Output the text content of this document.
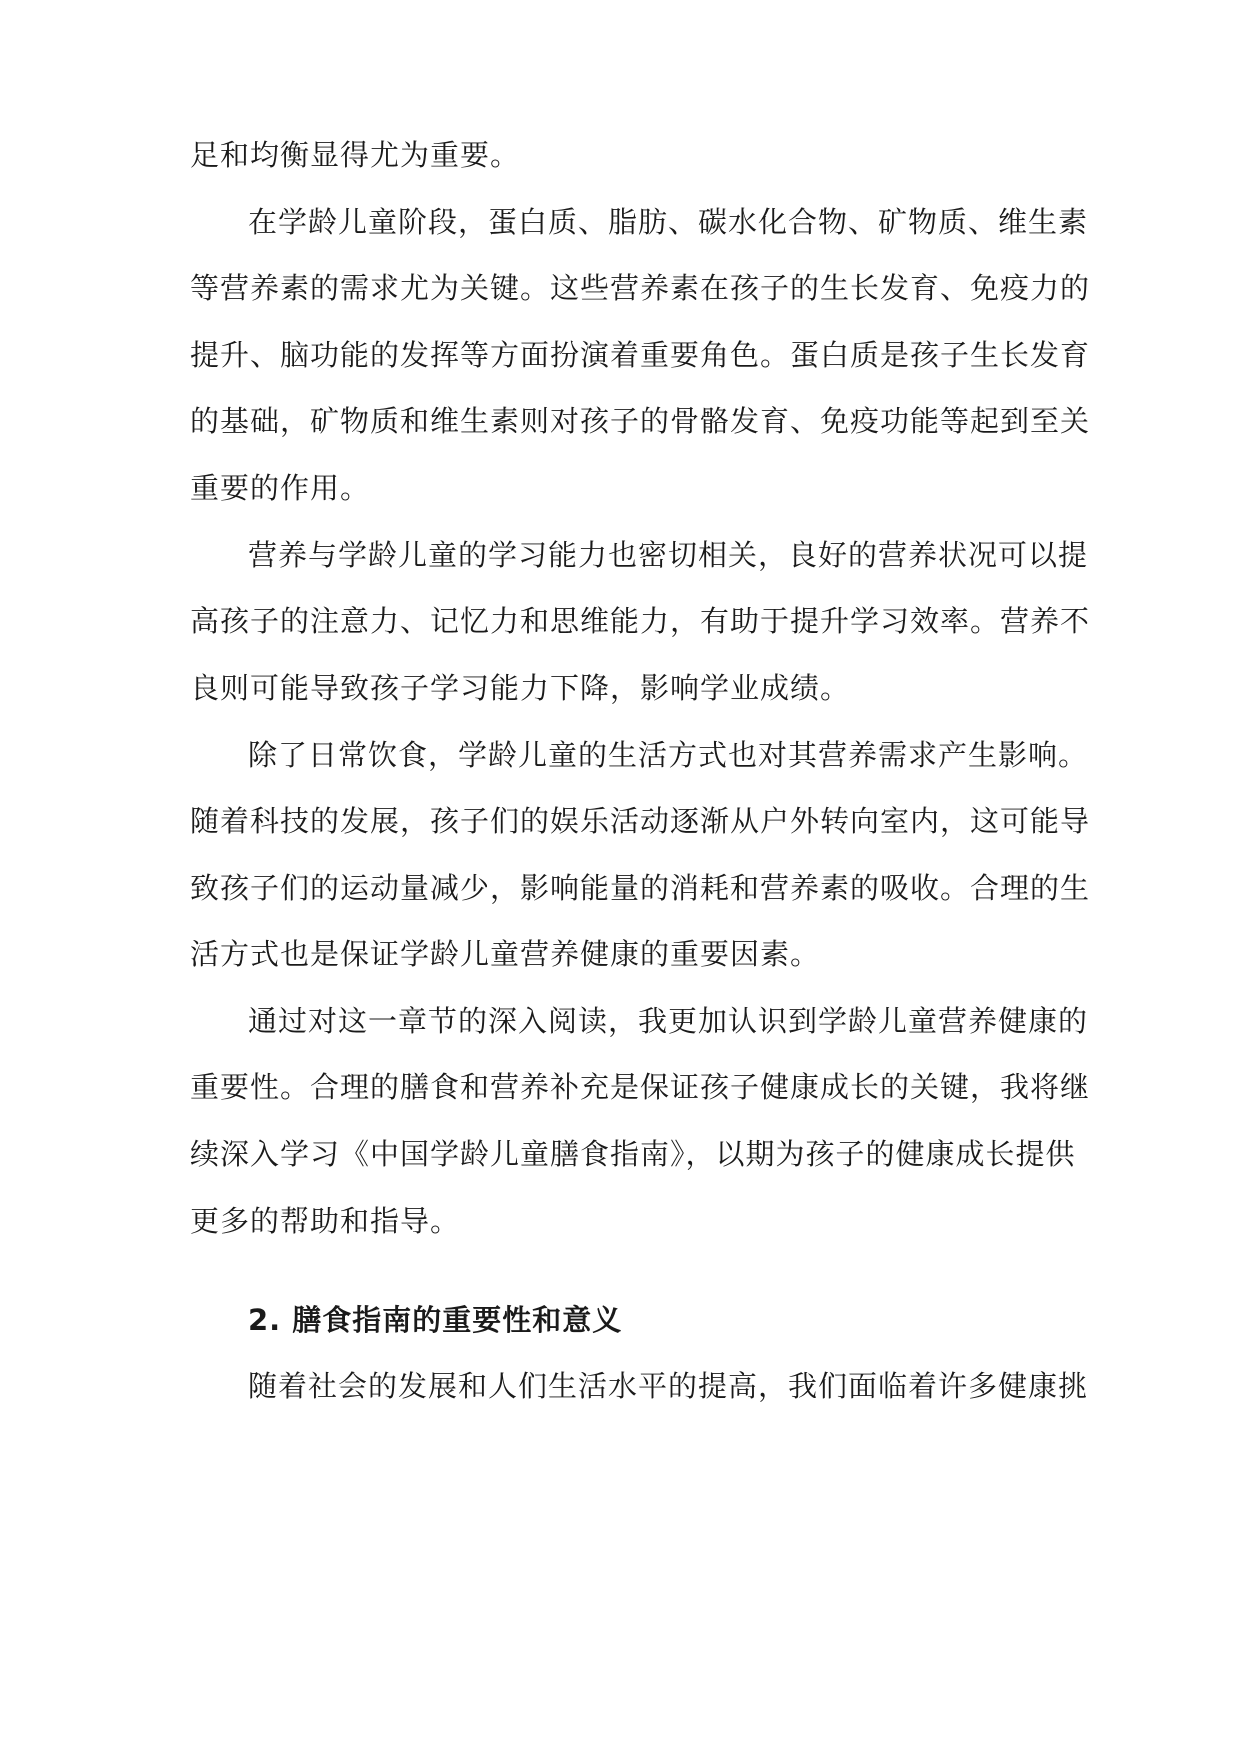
足和均衡显得尤为重要。
在学龄儿童阶段，蛋白质、脂肪、碳水化合物、矿物质、维生素
等营养素的需求尤为关键。这些营养素在孩子的生长发育、免疫力的
提升、脑功能的发挥等方面扮演着重要角色。蛋白质是孩子生长发育
的基础，矿物质和维生素则对孩子的骨骼发育、免疫功能等起到至关
重要的作用。
营养与学龄儿童的学习能力也密切相关，良好的营养状况可以提
高孩子的注意力、记忆力和思维能力，有助于提升学习效率。营养不
良则可能导致孩子学习能力下降，影响学业成绩。
除了日常饮食，学龄儿童的生活方式也对其营养需求产生影响。
随着科技的发展，孩子们的娱乐活动逐渐从户外转向室内，这可能导
致孩子们的运动量减少，影响能量的消耗和营养素的吸收。合理的生
活方式也是保证学龄儿童营养健康的重要因素。
通过对这一章节的深入阅读，我更加认识到学龄儿童营养健康的
重要性。合理的膳食和营养补充是保证孩子健康成长的关键，我将继
续深入学习《中国学龄儿童膳食指南》，以期为孩子的健康成长提供
更多的帮助和指导。
2. 膳食指南的重要性和意义
随着社会的发展和人们生活水平的提高，我们面临着许多健康挑
